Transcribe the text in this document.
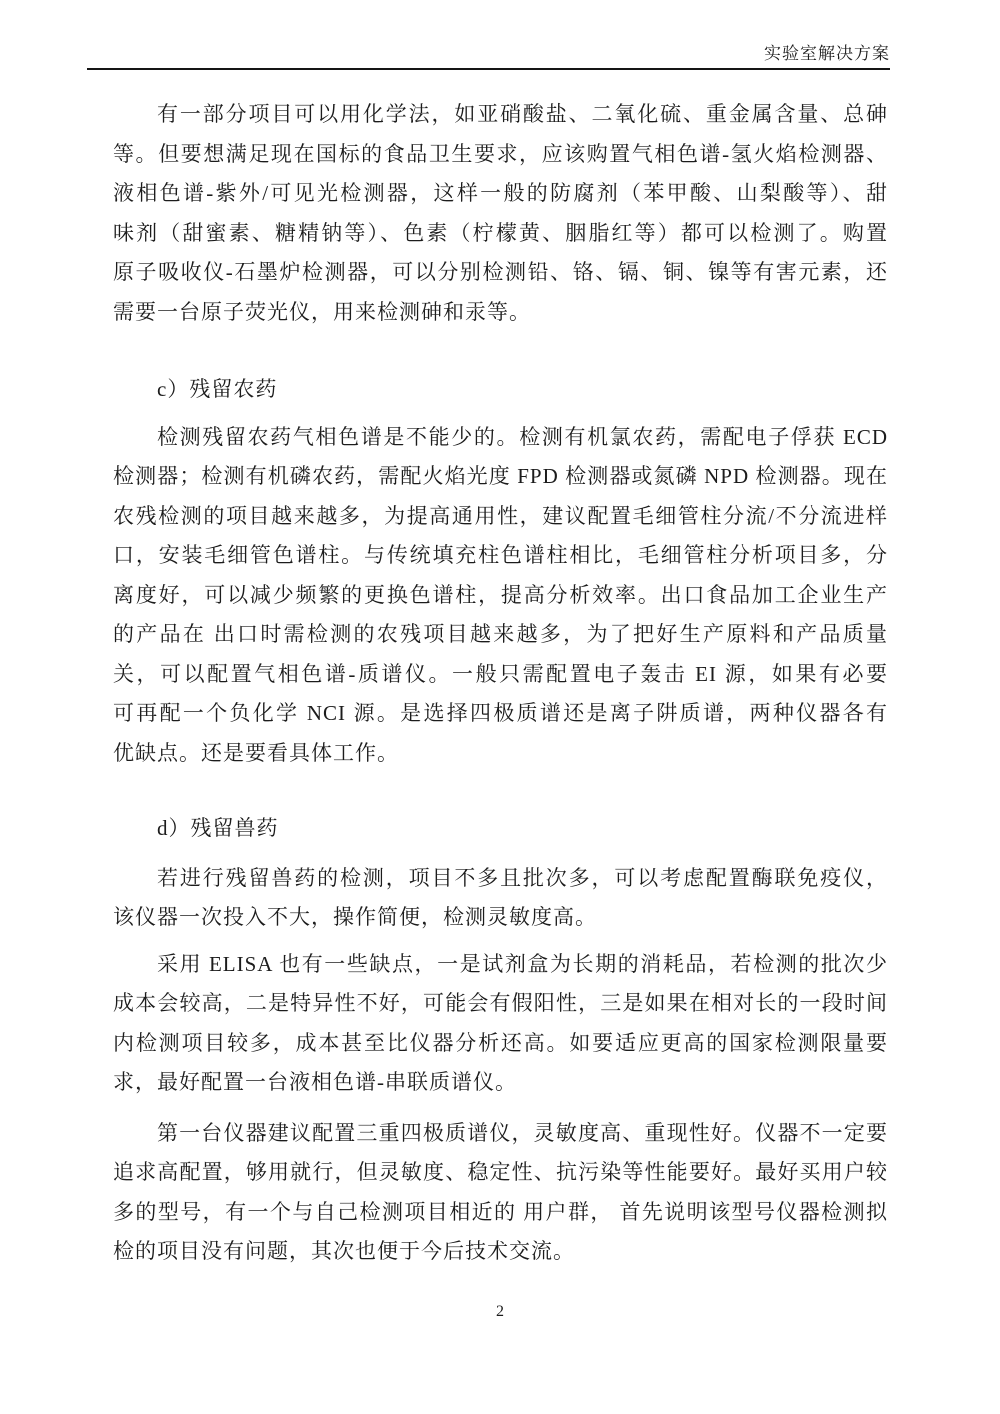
实验室解决方案
有一部分项目可以用化学法，如亚硝酸盐、二氧化硫、重金属含量、总砷
等。但要想满足现在国标的食品卫生要求，应该购置气相色谱-氢火焰检测器、
液相色谱-紫外/可见光检测器，这样一般的防腐剂（苯甲酸、山梨酸等）、甜
味剂（甜蜜素、糖精钠等）、色素（柠檬黄、胭脂红等）都可以检测了。购置
原子吸收仪-石墨炉检测器，可以分别检测铅、铬、镉、铜、镍等有害元素，还
需要一台原子荧光仪，用来检测砷和汞等。
c）残留农药
检测残留农药气相色谱是不能少的。检测有机氯农药，需配电子俘获 ECD
检测器；检测有机磷农药，需配火焰光度 FPD 检测器或氮磷 NPD 检测器。现在
农残检测的项目越来越多，为提高通用性，建议配置毛细管柱分流/不分流进样
口，安装毛细管色谱柱。与传统填充柱色谱柱相比，毛细管柱分析项目多，分
离度好，可以减少频繁的更换色谱柱，提高分析效率。出口食品加工企业生产
的产品在 出口时需检测的农残项目越来越多，为了把好生产原料和产品质量
关，可以配置气相色谱-质谱仪。一般只需配置电子轰击 EI 源，如果有必要
可再配一个负化学 NCI 源。是选择四极质谱还是离子阱质谱，两种仪器各有
优缺点。还是要看具体工作。
d）残留兽药
若进行残留兽药的检测，项目不多且批次多，可以考虑配置酶联免疫仪，
该仪器一次投入不大，操作简便，检测灵敏度高。
采用 ELISA 也有一些缺点，一是试剂盒为长期的消耗品，若检测的批次少
成本会较高，二是特异性不好，可能会有假阳性，三是如果在相对长的一段时间
内检测项目较多，成本甚至比仪器分析还高。如要适应更高的国家检测限量要
求，最好配置一台液相色谱-串联质谱仪。
第一台仪器建议配置三重四极质谱仪，灵敏度高、重现性好。仪器不一定要
追求高配置，够用就行，但灵敏度、稳定性、抗污染等性能要好。最好买用户较
多的型号，有一个与自己检测项目相近的 用户群， 首先说明该型号仪器检测拟
检的项目没有问题，其次也便于今后技术交流。
2
